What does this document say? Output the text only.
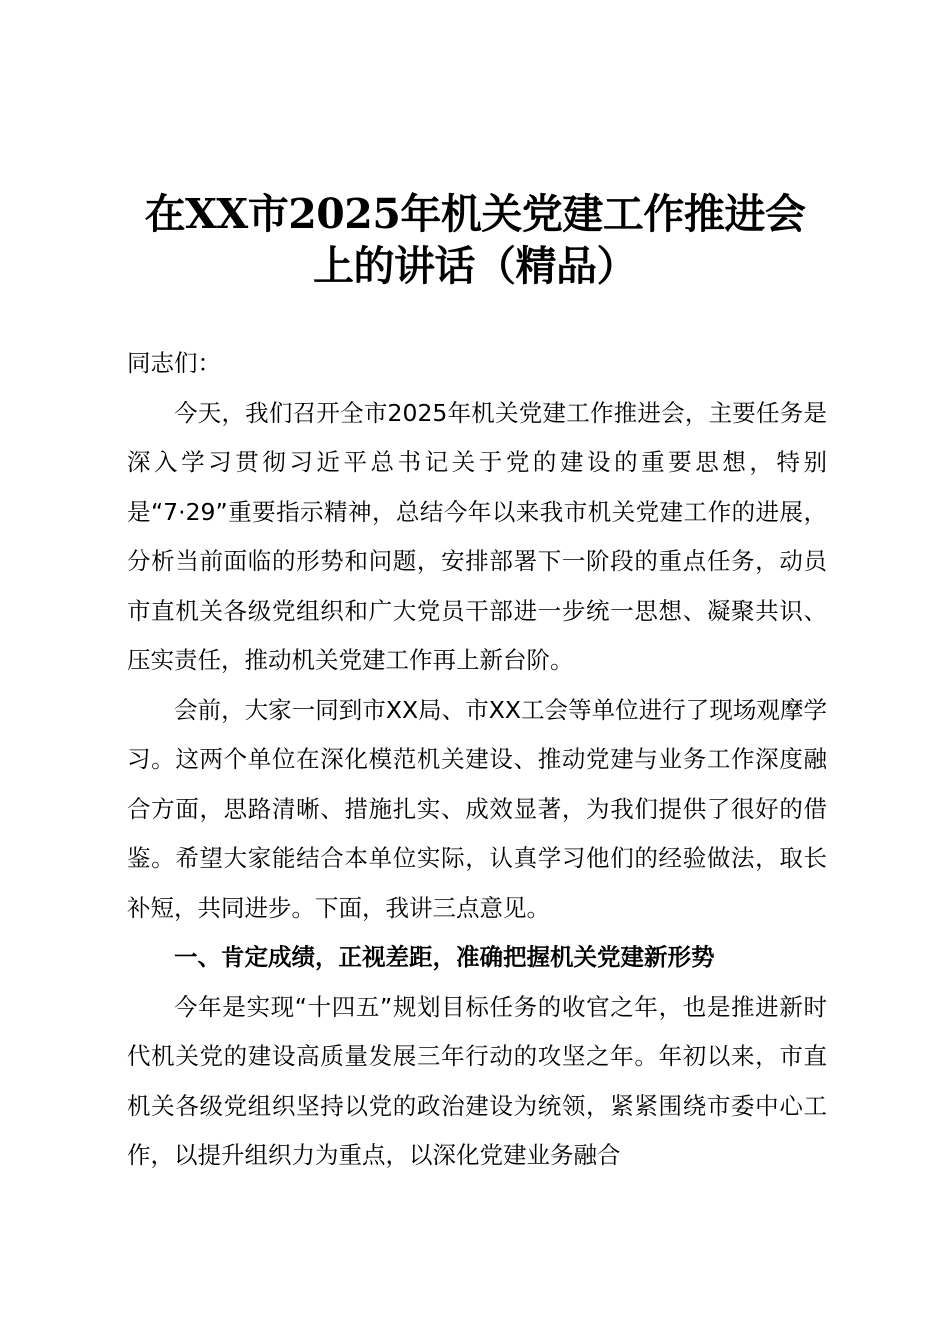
在XX市2025年机关党建工作推进会
上的讲话（精品）

同志们：

今天，我们召开全市2025年机关党建工作推进会，主要任务是深入学习贯彻习近平总书记关于党的建设的重要思想，特别是“7·29”重要指示精神，总结今年以来我市机关党建工作的进展，分析当前面临的形势和问题，安排部署下一阶段的重点任务，动员市直机关各级党组织和广大党员干部进一步统一思想、凝聚共识、压实责任，推动机关党建工作再上新台阶。

会前，大家一同到市XX局、市XX工会等单位进行了现场观摩学习。这两个单位在深化模范机关建设、推动党建与业务工作深度融合方面，思路清晰、措施扎实、成效显著，为我们提供了很好的借鉴。希望大家能结合本单位实际，认真学习他们的经验做法，取长补短，共同进步。下面，我讲三点意见。

一、肯定成绩，正视差距，准确把握机关党建新形势

今年是实现“十四五”规划目标任务的收官之年，也是推进新时代机关党的建设高质量发展三年行动的攻坚之年。年初以来，市直机关各级党组织坚持以党的政治建设为统领，紧紧围绕市委中心工作，以提升组织力为重点，以深化党建业务融合
